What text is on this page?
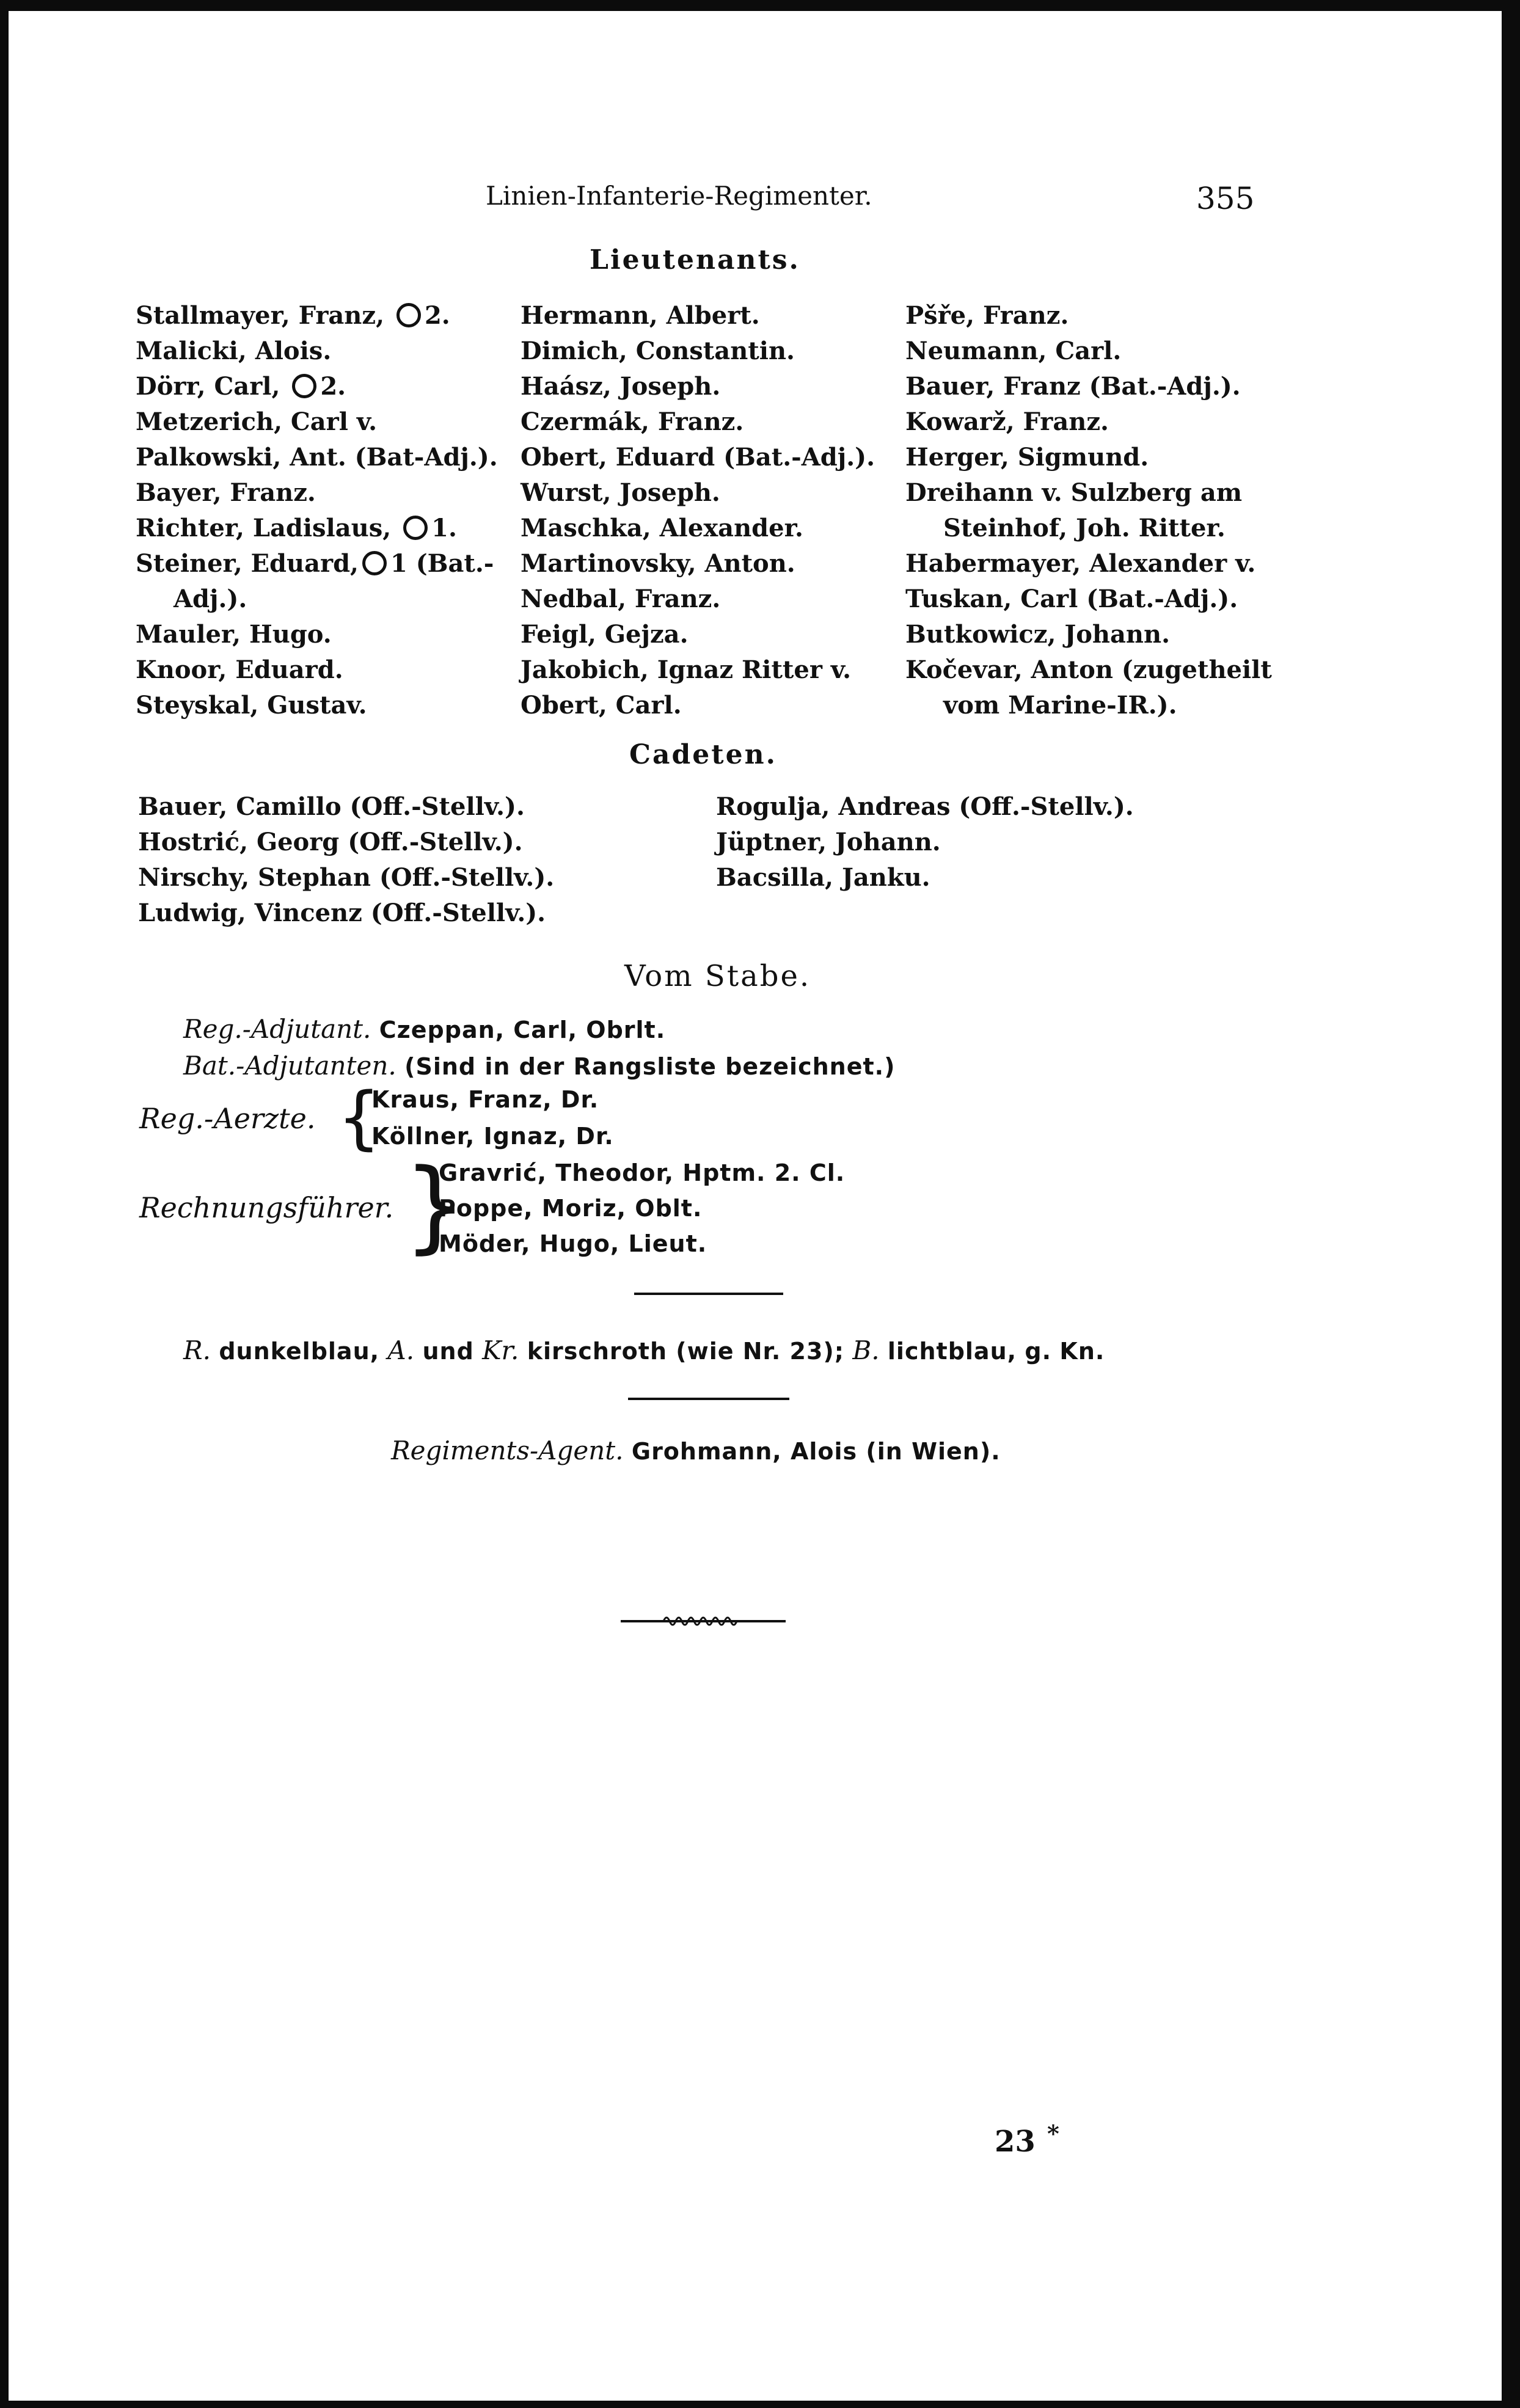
Linien-Infanterie-Regimenter.	355
Lieutenants.
Stallmayer, Franz, 2.
Malicki, Alois.
Dörr, Carl, 2.
Metzerich, Carl v.
Palkowski, Ant. (Bat-Adj.).
Bayer, Franz.
Richter, Ladislaus, 1.
Steiner, Eduard, 1 (Bat.-
Adj.).
Mauler, Hugo.
Knoor, Eduard.
Steyskal, Gustav.
Hermann, Albert.
Dimich, Constantin.
Haász, Joseph.
Czermák, Franz.
Obert, Eduard (Bat.-Adj.).
Wurst, Joseph.
Maschka, Alexander.
Martinovsky, Anton.
Nedbal, Franz.
Feigl, Gejza.
Jakobich, Ignaz Ritter v.
Obert, Carl.
Pšře, Franz.
Neumann, Carl.
Bauer, Franz (Bat.-Adj.).
Kowarž, Franz.
Herger, Sigmund.
Dreihann v. Sulzberg am
Steinhof, Joh. Ritter.
Habermayer, Alexander v.
Tuskan, Carl (Bat.-Adj.).
Butkowicz, Johann.
Kočevar, Anton (zugetheilt
vom Marine-IR.).
Cadeten.
Bauer, Camillo (Off.-Stellv.).
Hostrić, Georg (Off.-Stellv.).
Nirschy, Stephan (Off.-Stellv.).
Ludwig, Vincenz (Off.-Stellv.).
Rogulja, Andreas (Off.-Stellv.).
Jüptner, Johann.
Bacsilla, Janku.
Vom Stabe.
Reg.-Adjutant. Czeppan, Carl, Obrlt.
Bat.-Adjutanten. (Sind in der Rangsliste bezeichnet.)
Reg.-Aerzte. {
Kraus, Franz, Dr.
Köllner, Ignaz, Dr.
Rechnungsführer. }
Gravrić, Theodor, Hptm. 2. Cl.
Poppe, Moriz, Oblt.
Möder, Hugo, Lieut.
R. dunkelblau, A. und Kr. kirschroth (wie Nr. 23); B. lichtblau, g. Kn.
Regiments-Agent. Grohmann, Alois (in Wien).
23 *
